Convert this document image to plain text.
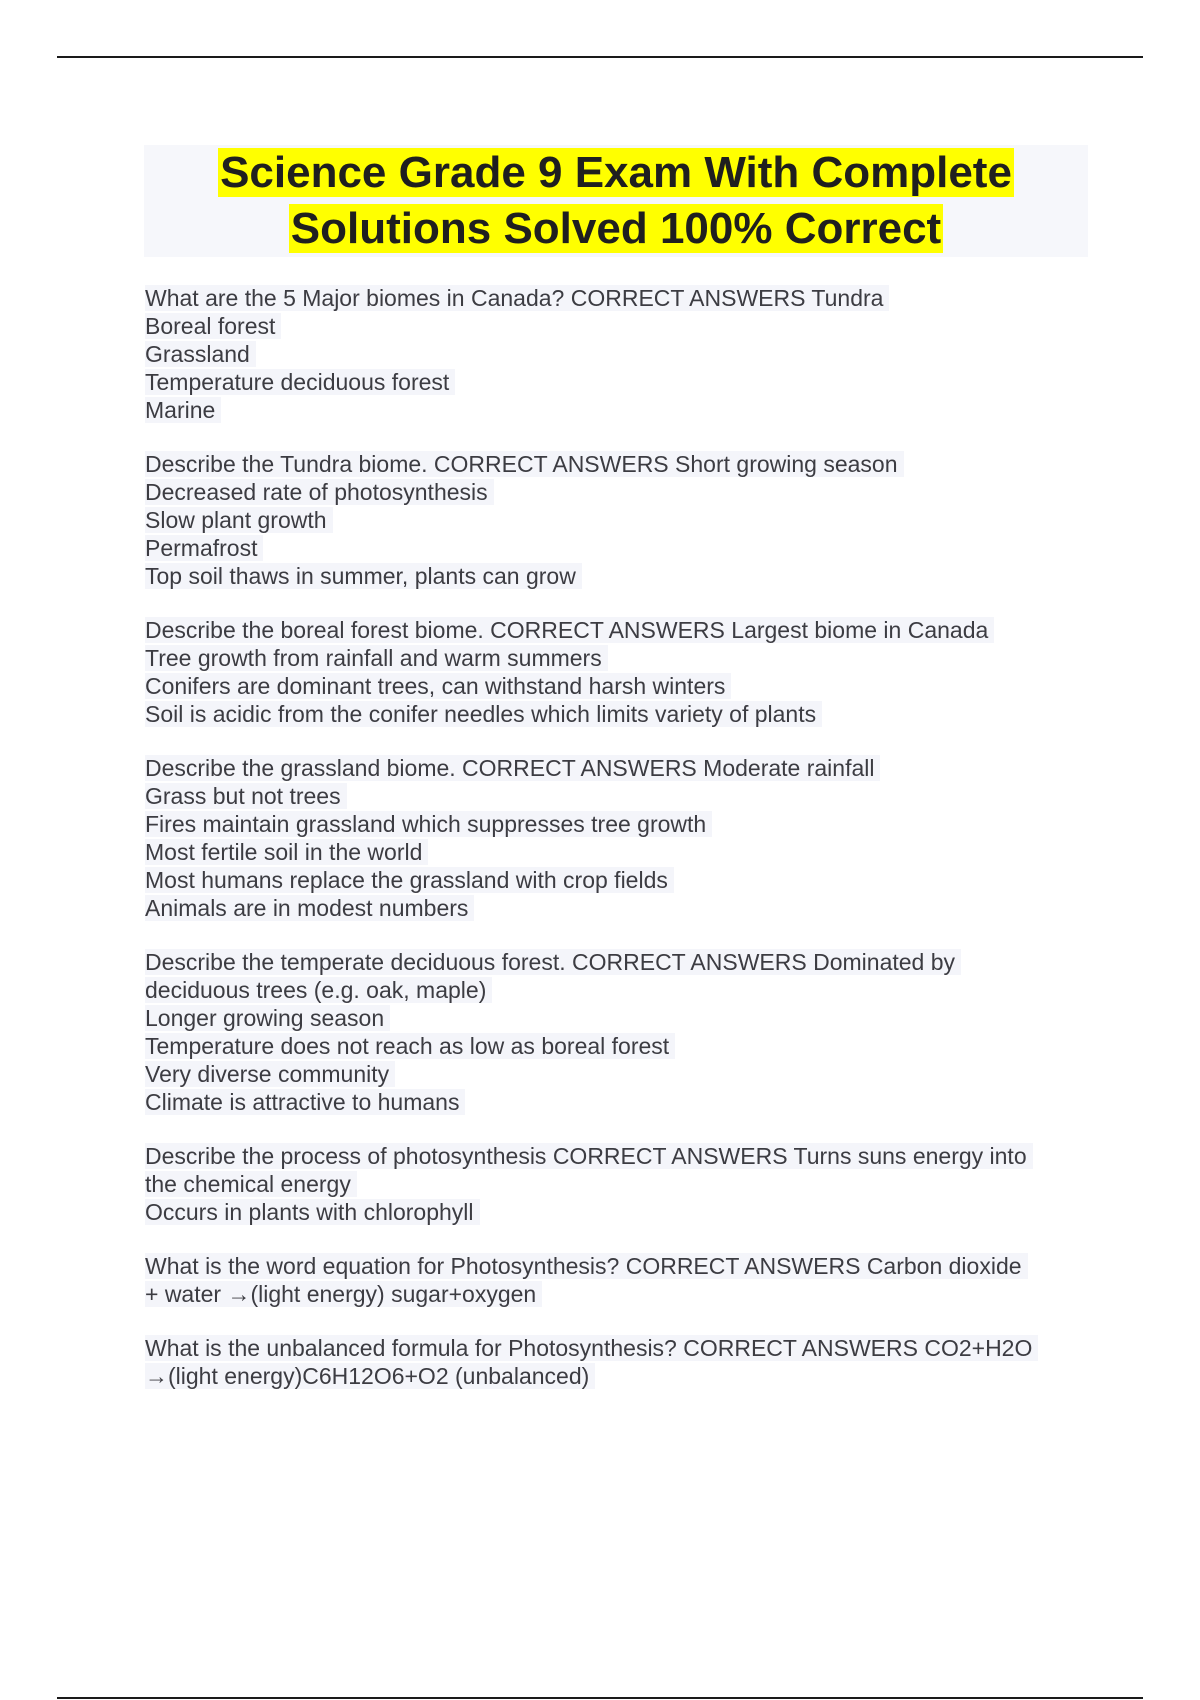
Science Grade 9 Exam With Complete
Solutions Solved 100% Correct
What are the 5 Major biomes in Canada? CORRECT ANSWERS Tundra
Boreal forest
Grassland
Temperature deciduous forest
Marine
Describe the Tundra biome. CORRECT ANSWERS Short growing season
Decreased rate of photosynthesis
Slow plant growth
Permafrost
Top soil thaws in summer, plants can grow
Describe the boreal forest biome. CORRECT ANSWERS Largest biome in Canada
Tree growth from rainfall and warm summers
Conifers are dominant trees, can withstand harsh winters
Soil is acidic from the conifer needles which limits variety of plants
Describe the grassland biome. CORRECT ANSWERS Moderate rainfall
Grass but not trees
Fires maintain grassland which suppresses tree growth
Most fertile soil in the world
Most humans replace the grassland with crop fields
Animals are in modest numbers
Describe the temperate deciduous forest. CORRECT ANSWERS Dominated by
deciduous trees (e.g. oak, maple)
Longer growing season
Temperature does not reach as low as boreal forest
Very diverse community
Climate is attractive to humans
Describe the process of photosynthesis CORRECT ANSWERS Turns suns energy into
the chemical energy
Occurs in plants with chlorophyll
What is the word equation for Photosynthesis? CORRECT ANSWERS Carbon dioxide
+ water →(light energy) sugar+oxygen
What is the unbalanced formula for Photosynthesis? CORRECT ANSWERS CO2+H2O
→(light energy)C6H12O6+O2 (unbalanced)
